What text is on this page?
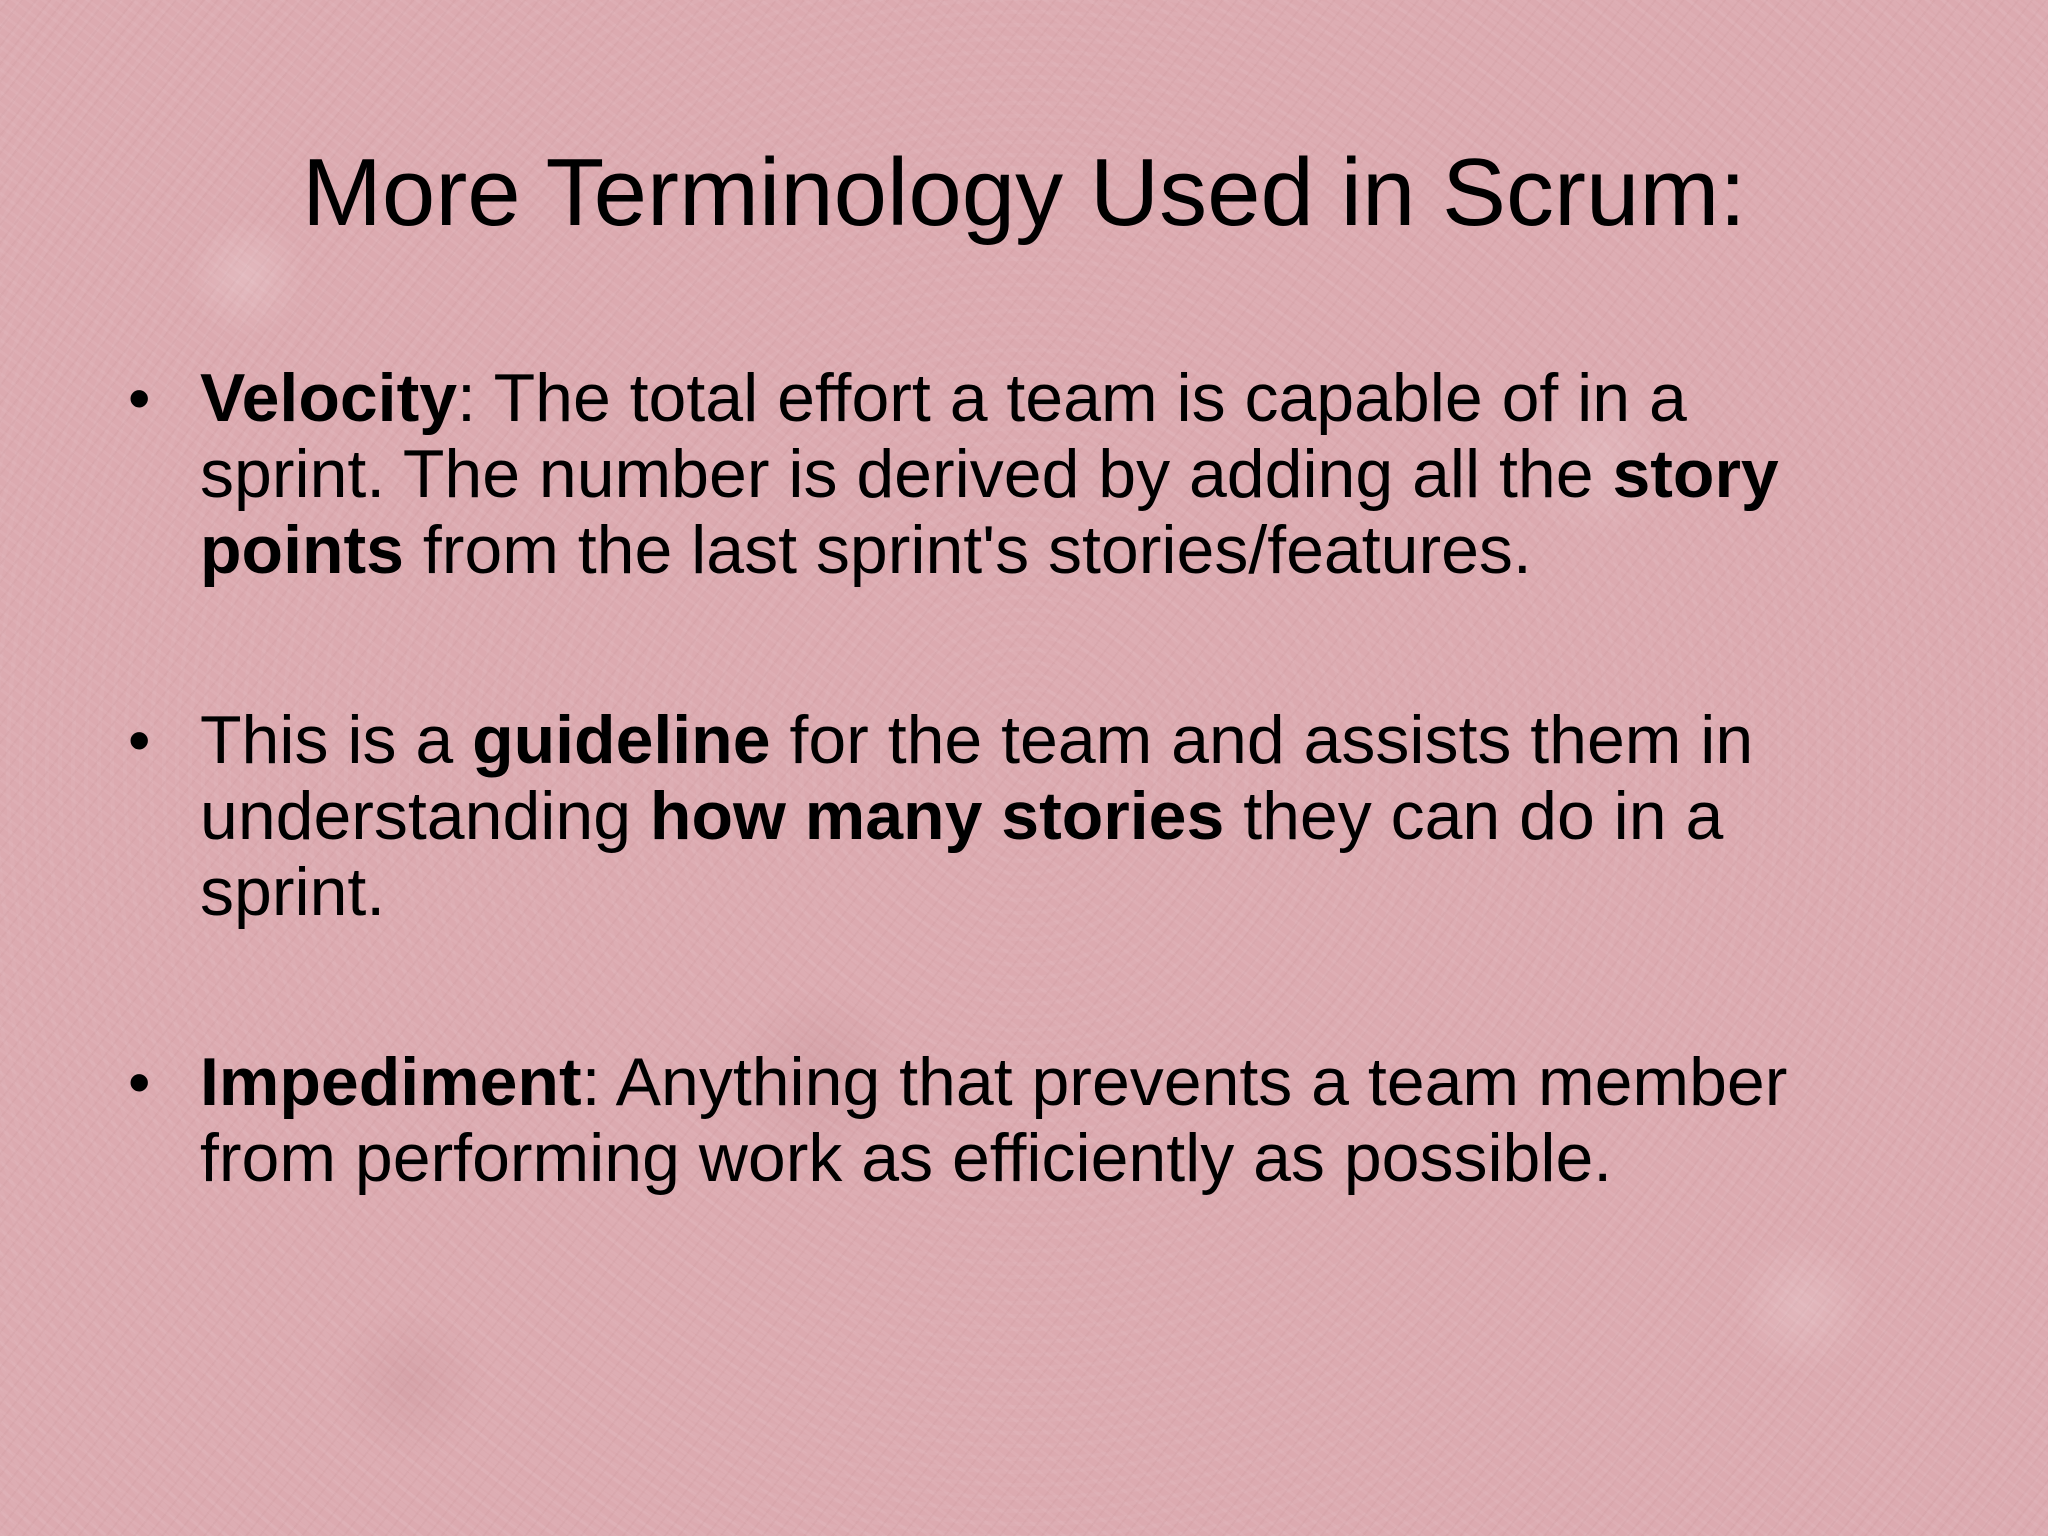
More Terminology Used in Scrum:
• Velocity: The total effort a team is capable of in a sprint. The number is derived by adding all the story points from the last sprint's stories/features.
• This is a guideline for the team and assists them in understanding how many stories they can do in a sprint.
• Impediment: Anything that prevents a team member from performing work as efficiently as possible.
